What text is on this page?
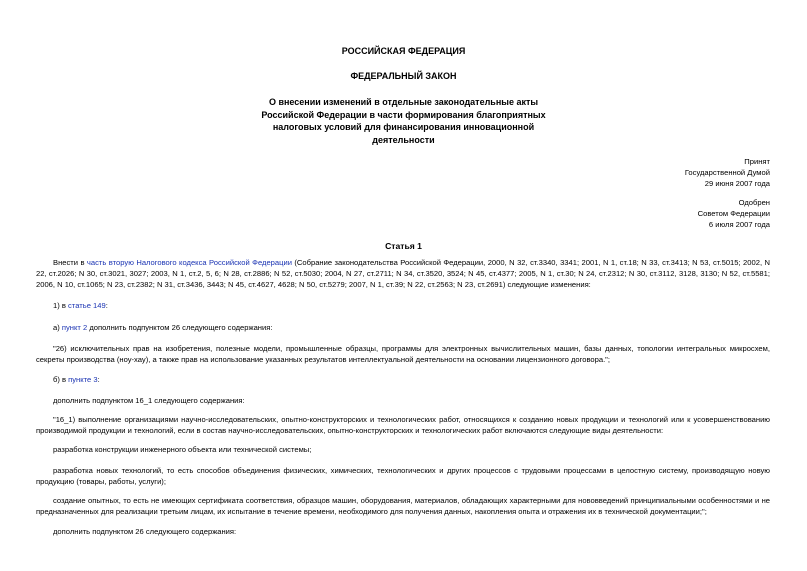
РОССИЙСКАЯ ФЕДЕРАЦИЯ
ФЕДЕРАЛЬНЫЙ ЗАКОН
О внесении изменений в отдельные законодательные акты
Российской Федерации в части формирования благоприятных
налоговых условий для финансирования инновационной
деятельности
Принят
Государственной Думой
29 июня 2007 года
Одобрен
Советом Федерации
6 июля 2007 года
Статья 1
Внести в часть вторую Налогового кодекса Российской Федерации (Собрание законодательства Российской Федерации, 2000, N 32, ст.3340, 3341; 2001, N 1, ст.18; N 33, ст.3413; N 53, ст.5015; 2002, N 22, ст.2026; N 30, ст.3021, 3027; 2003, N 1, ст.2, 5, 6; N 28, ст.2886; N 52, ст.5030; 2004, N 27, ст.2711; N 34, ст.3520, 3524; N 45, ст.4377; 2005, N 1, ст.30; N 24, ст.2312; N 30, ст.3112, 3128, 3130; N 52, ст.5581; 2006, N 10, ст.1065; N 23, ст.2382; N 31, ст.3436, 3443; N 45, ст.4627, 4628; N 50, ст.5279; 2007, N 1, ст.39; N 22, ст.2563; N 23, ст.2691) следующие изменения:
1) в статье 149:
а) пункт 2 дополнить подпунктом 26 следующего содержания:
"26) исключительных прав на изобретения, полезные модели, промышленные образцы, программы для электронных вычислительных машин, базы данных, топологии интегральных микросхем, секреты производства (ноу-хау), а также прав на использование указанных результатов интеллектуальной деятельности на основании лицензионного договора.";
б) в пункте 3:
дополнить подпунктом 16_1 следующего содержания:
"16_1) выполнение организациями научно-исследовательских, опытно-конструкторских и технологических работ, относящихся к созданию новых продукции и технологий или к усовершенствованию производимой продукции и технологий, если в состав научно-исследовательских, опытно-конструкторских и технологических работ включаются следующие виды деятельности:
разработка конструкции инженерного объекта или технической системы;
разработка новых технологий, то есть способов объединения физических, химических, технологических и других процессов с трудовыми процессами в целостную систему, производящую новую продукцию (товары, работы, услуги);
создание опытных, то есть не имеющих сертификата соответствия, образцов машин, оборудования, материалов, обладающих характерными для нововведений принципиальными особенностями и не предназначенных для реализации третьим лицам, их испытание в течение времени, необходимого для получения данных, накопления опыта и отражения их в технической документации;";
дополнить подпунктом 26 следующего содержания:
